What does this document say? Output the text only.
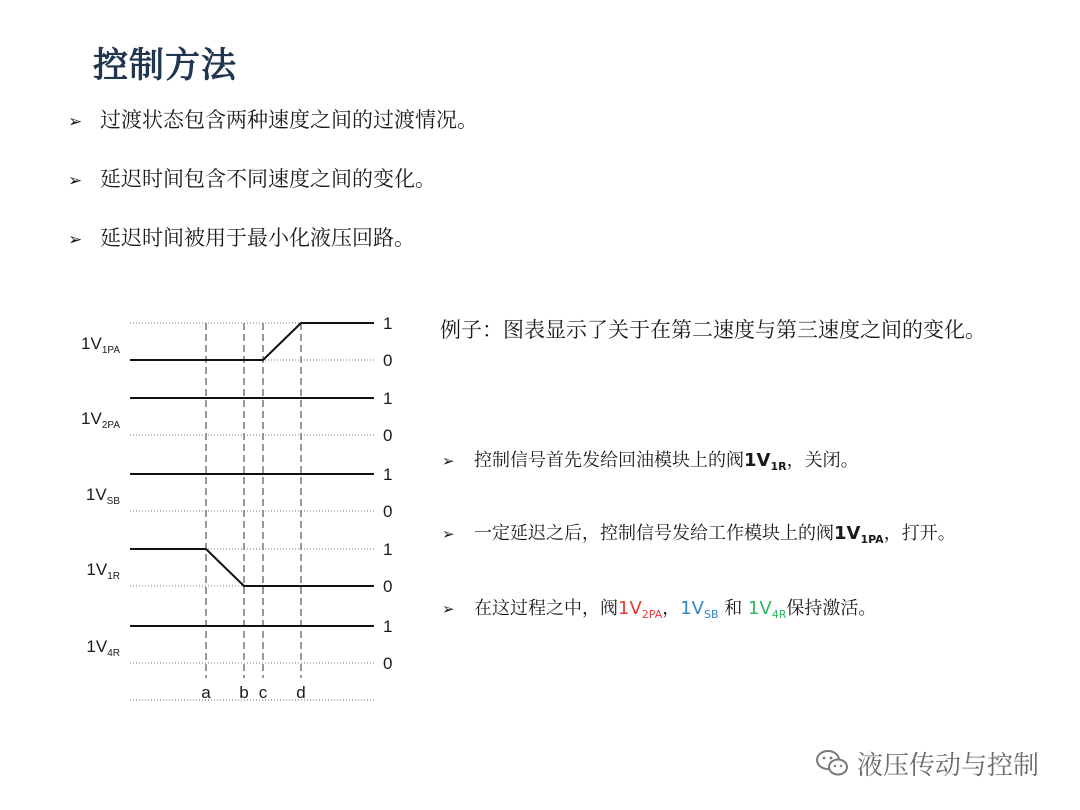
控制方法
➢ 过渡状态包含两种速度之间的过渡情况。
➢ 延迟时间包含不同速度之间的变化。
➢ 延迟时间被用于最小化液压回路。
例子：图表显示了关于在第二速度与第三速度之间的变化。
➢ 控制信号首先发给回油模块上的阀$1V_{1R}$，关闭。
➢ 一定延迟之后，控制信号发给工作模块上的阀$1V_{1PA}$，打开。
➢ 在这过程之中，阀$1V_{2PA}$，$1V_{SB}$ 和 $1V_{4R}$保持激活。
a b c d
1
0
$1V_{1PA}$
1
0
$1V_{2PA}$
1
0
$1V_{SB}$
1
0
$1V_{1R}$
1
0
$1V_{4R}$
液压传动与控制
